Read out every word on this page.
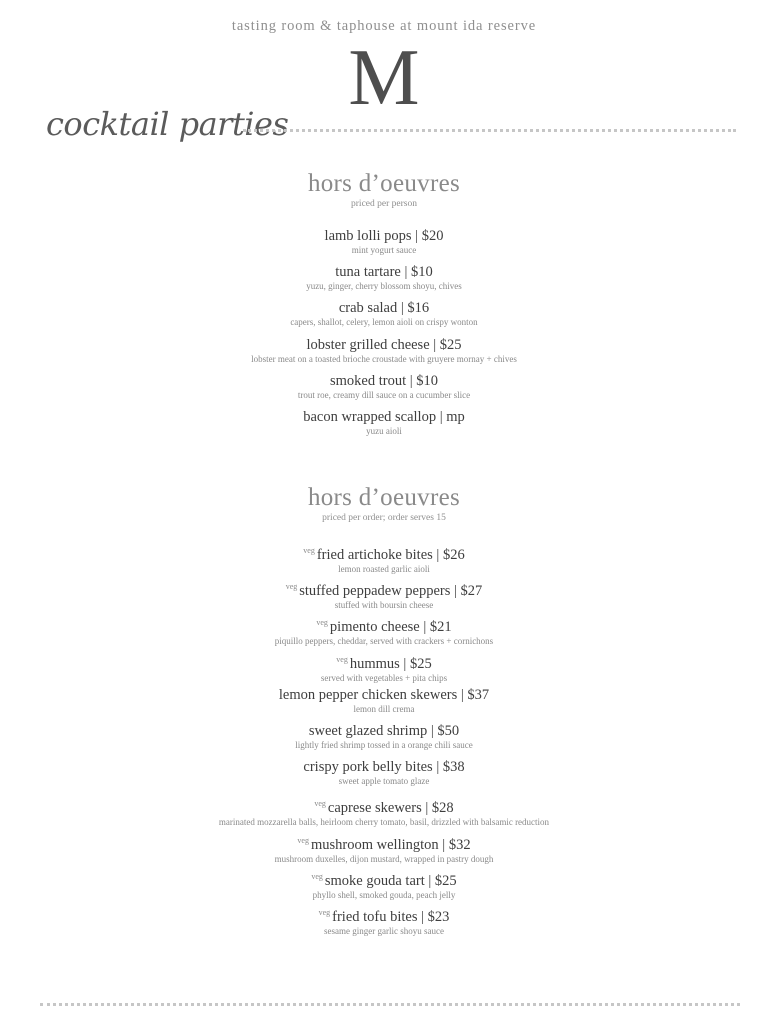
tasting room & taphouse at mount ida reserve
M
cocktail parties
hors d’oeuvres
priced per person
lamb lolli pops | $20
mint yogurt sauce
tuna tartare | $10
yuzu, ginger, cherry blossom shoyu, chives
crab salad | $16
capers, shallot, celery, lemon aioli on crispy wonton
lobster grilled cheese | $25
lobster meat on a toasted brioche croustade with gruyere mornay + chives
smoked trout | $10
trout roe, creamy dill sauce on a cucumber slice
bacon wrapped scallop | mp
yuzu aioli
hors d’oeuvres
priced per order; order serves 15
$^{veg}$ fried artichoke bites | $26
lemon roasted garlic aioli
$^{veg}$ stuffed peppadew peppers | $27
stuffed with boursin cheese
$^{veg}$ pimento cheese | $21
piquillo peppers, cheddar, served with crackers + cornichons
$^{veg}$ hummus | $25
served with vegetables + pita chips
lemon pepper chicken skewers | $37
lemon dill crema
sweet glazed shrimp | $50
lightly fried shrimp tossed in a orange chili sauce
crispy pork belly bites | $38
sweet apple tomato glaze
$^{veg}$ caprese skewers | $28
marinated mozzarella balls, heirloom cherry tomato, basil, drizzled with balsamic reduction
$^{veg}$ mushroom wellington | $32
mushroom duxelles, dijon mustard, wrapped in pastry dough
$^{veg}$ smoke gouda tart | $25
phyllo shell, smoked gouda, peach jelly
$^{veg}$ fried tofu bites | $23
sesame ginger garlic shoyu sauce
